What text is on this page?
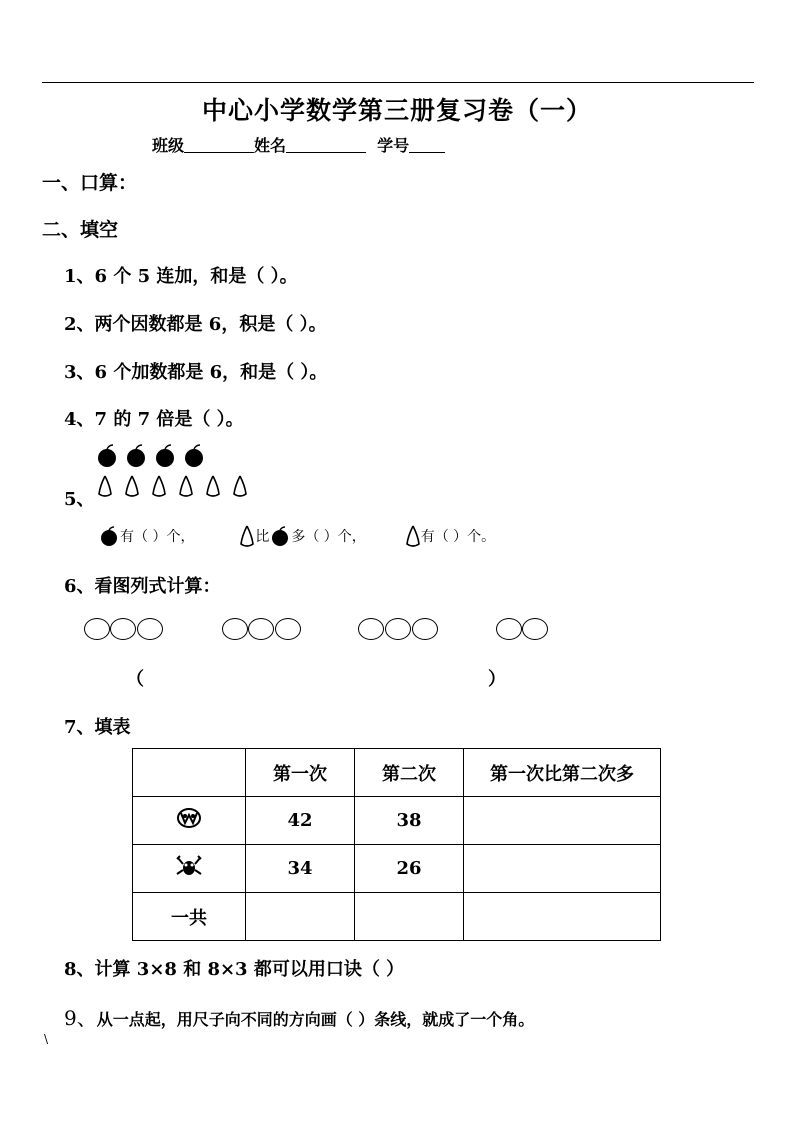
中心小学数学第三册复习卷（一）
班级	姓名	学号
一、口算：
二、填空
1、6 个 5 连加，和是（ ）。
2、两个因数都是 6，积是（ ）。
3、6 个加数都是 6，和是（ ）。
4、7 的 7 倍是（ ）。
5、
有（ ）个，	比 多（ ）个，	有（ ）个。
6、看图列式计算：
（	）
7、填表
	第一次	第二次	第一次比第二次多
	42	38	
	34	26	
一共			
8、计算 3×8 和 8×3 都可以用口诀（ ）
9、从一点起，用尺子向不同的方向画（ ）条线，就成了一个角。
\
